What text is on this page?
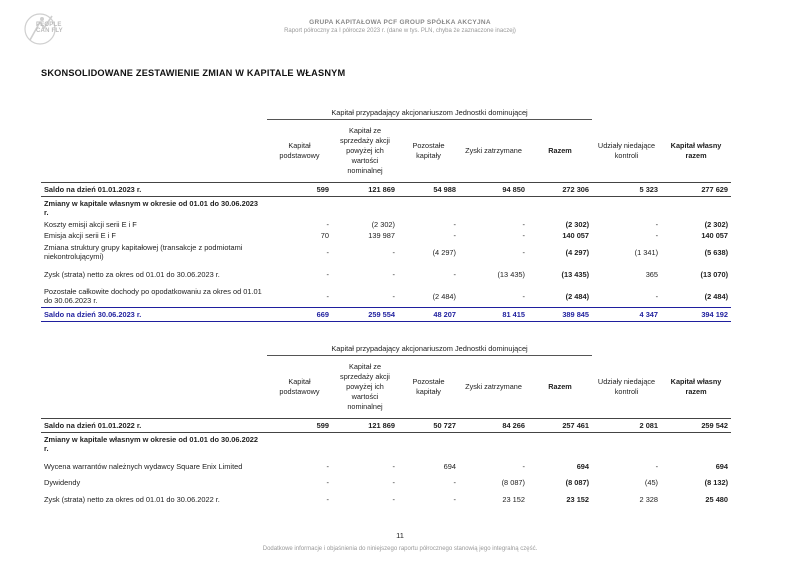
PEOPLE CAN FLY
GRUPA KAPITAŁOWA PCF GROUP SPÓŁKA AKCYJNA
Raport półroczny za I półrocze 2023 r. (dane w tys. PLN, chyba że zaznaczone inaczej)
SKONSOLIDOWANE ZESTAWIENIE ZMIAN W KAPITALE WŁASNYM
	Kapitał przypadający akcjonariuszom Jednostki dominującej						
	Kapitał podstawowy	Kapitał ze sprzedaży akcji powyżej ich wartości nominalnej	Pozostałe kapitały	Zyski zatrzymane	Razem	Udziały niedające kontroli	Kapitał własny razem
Saldo na dzień 01.01.2023 r.	599	121 869	54 988	94 850	272 306	5 323	277 629
Zmiany w kapitale własnym w okresie od 01.01 do 30.06.2023 r.							
Koszty emisji akcji serii E i F	-	(2 302)	-	-	(2 302)	-	(2 302)
Emisja akcji serii E i F	70	139 987	-	-	140 057	-	140 057
Zmiana struktury grupy kapitałowej (transakcje z podmiotami niekontrolującymi)	-	-	(4 297)	-	(4 297)	(1 341)	(5 638)
Zysk (strata) netto za okres od 01.01 do 30.06.2023 r.	-	-	-	(13 435)	(13 435)	365	(13 070)
Pozostałe całkowite dochody po opodatkowaniu za okres od 01.01 do 30.06.2023 r.	-	-	(2 484)	-	(2 484)	-	(2 484)
Saldo na dzień 30.06.2023 r.	669	259 554	48 207	81 415	389 845	4 347	394 192
	Kapitał przypadający akcjonariuszom Jednostki dominującej						
	Kapitał podstawowy	Kapitał ze sprzedaży akcji powyżej ich wartości nominalnej	Pozostałe kapitały	Zyski zatrzymane	Razem	Udziały niedające kontroli	Kapitał własny razem
Saldo na dzień 01.01.2022 r.	599	121 869	50 727	84 266	257 461	2 081	259 542
Zmiany w kapitale własnym w okresie od 01.01 do 30.06.2022 r.							
Wycena warrantów należnych wydawcy Square Enix Limited	-	-	694	-	694	-	694
Dywidendy	-	-	-	(8 087)	(8 087)	(45)	(8 132)
Zysk (strata) netto za okres od 01.01 do 30.06.2022 r.	-	-	-	23 152	23 152	2 328	25 480
11
Dodatkowe informacje i objaśnienia do niniejszego raportu półrocznego stanowią jego integralną część.
